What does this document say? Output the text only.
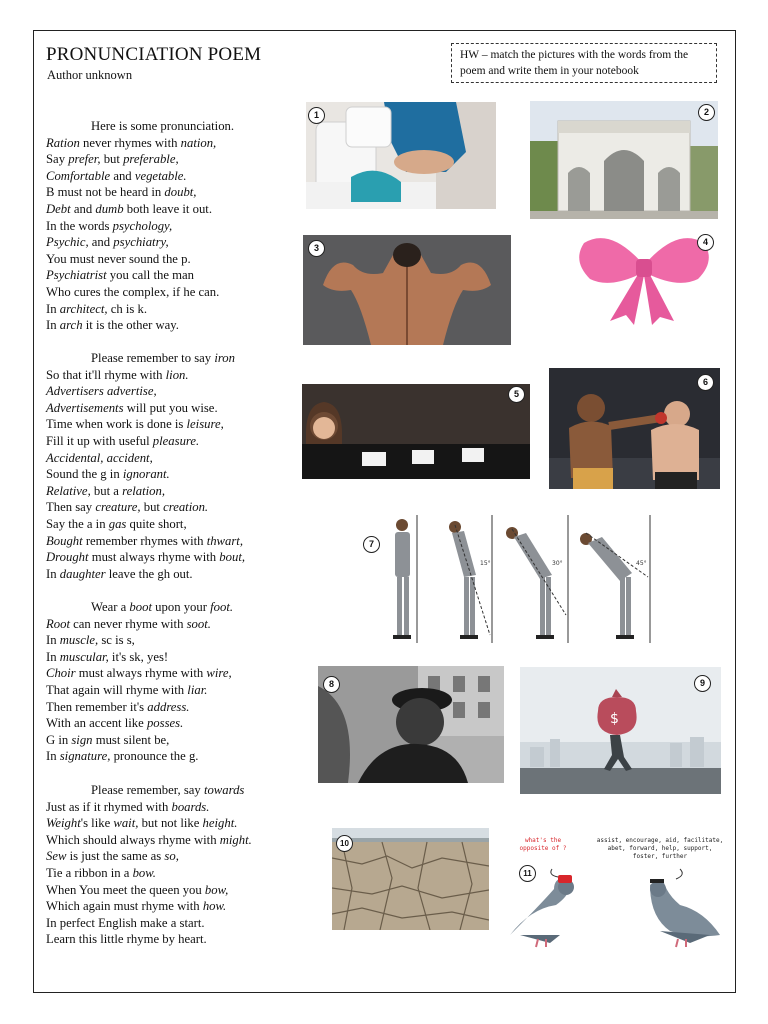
PRONUNCIATION POEM
Author unknown
HW – match the pictures with the words from the poem and write them in your notebook
Here is some pronunciation.
Ration never rhymes with nation,
Say prefer, but preferable,
Comfortable and vegetable.
B must not be heard in doubt,
Debt and dumb both leave it out.
In the words psychology,
Psychic, and psychiatry,
You must never sound the p.
Psychiatrist you call the man
Who cures the complex, if he can.
In architect, ch is k.
In arch it is the other way.
Please remember to say iron
So that it'll rhyme with lion.
Advertisers advertise,
Advertisements will put you wise.
Time when work is done is leisure,
Fill it up with useful pleasure.
Accidental, accident,
Sound the g in ignorant.
Relative, but a relation,
Then say creature, but creation.
Say the a in gas quite short,
Bought remember rhymes with thwart,
Drought must always rhyme with bout,
In daughter leave the gh out.
Wear a boot upon your foot.
Root can never rhyme with soot.
In muscle, sc is s,
In muscular, it's sk, yes!
Choir must always rhyme with wire,
That again will rhyme with liar.
Then remember it's address.
With an accent like posses.
G in sign must silent be,
In signature, pronounce the g.
Please remember, say towards
Just as if it rhymed with boards.
Weight's like wait, but not like height.
Which should always rhyme with might.
Sew is just the same as so,
Tie a ribbon in a bow.
When You meet the queen you bow,
Which again must rhyme with how.
In perfect English make a start.
Learn this little rhyme by heart.
1	2
3
4
5
6
15°	30°	45°
7
8
$
9
10	what's the opposite of ?
assist, encourage, aid, facilitate, abet, forward, help, support, foster, further
11
